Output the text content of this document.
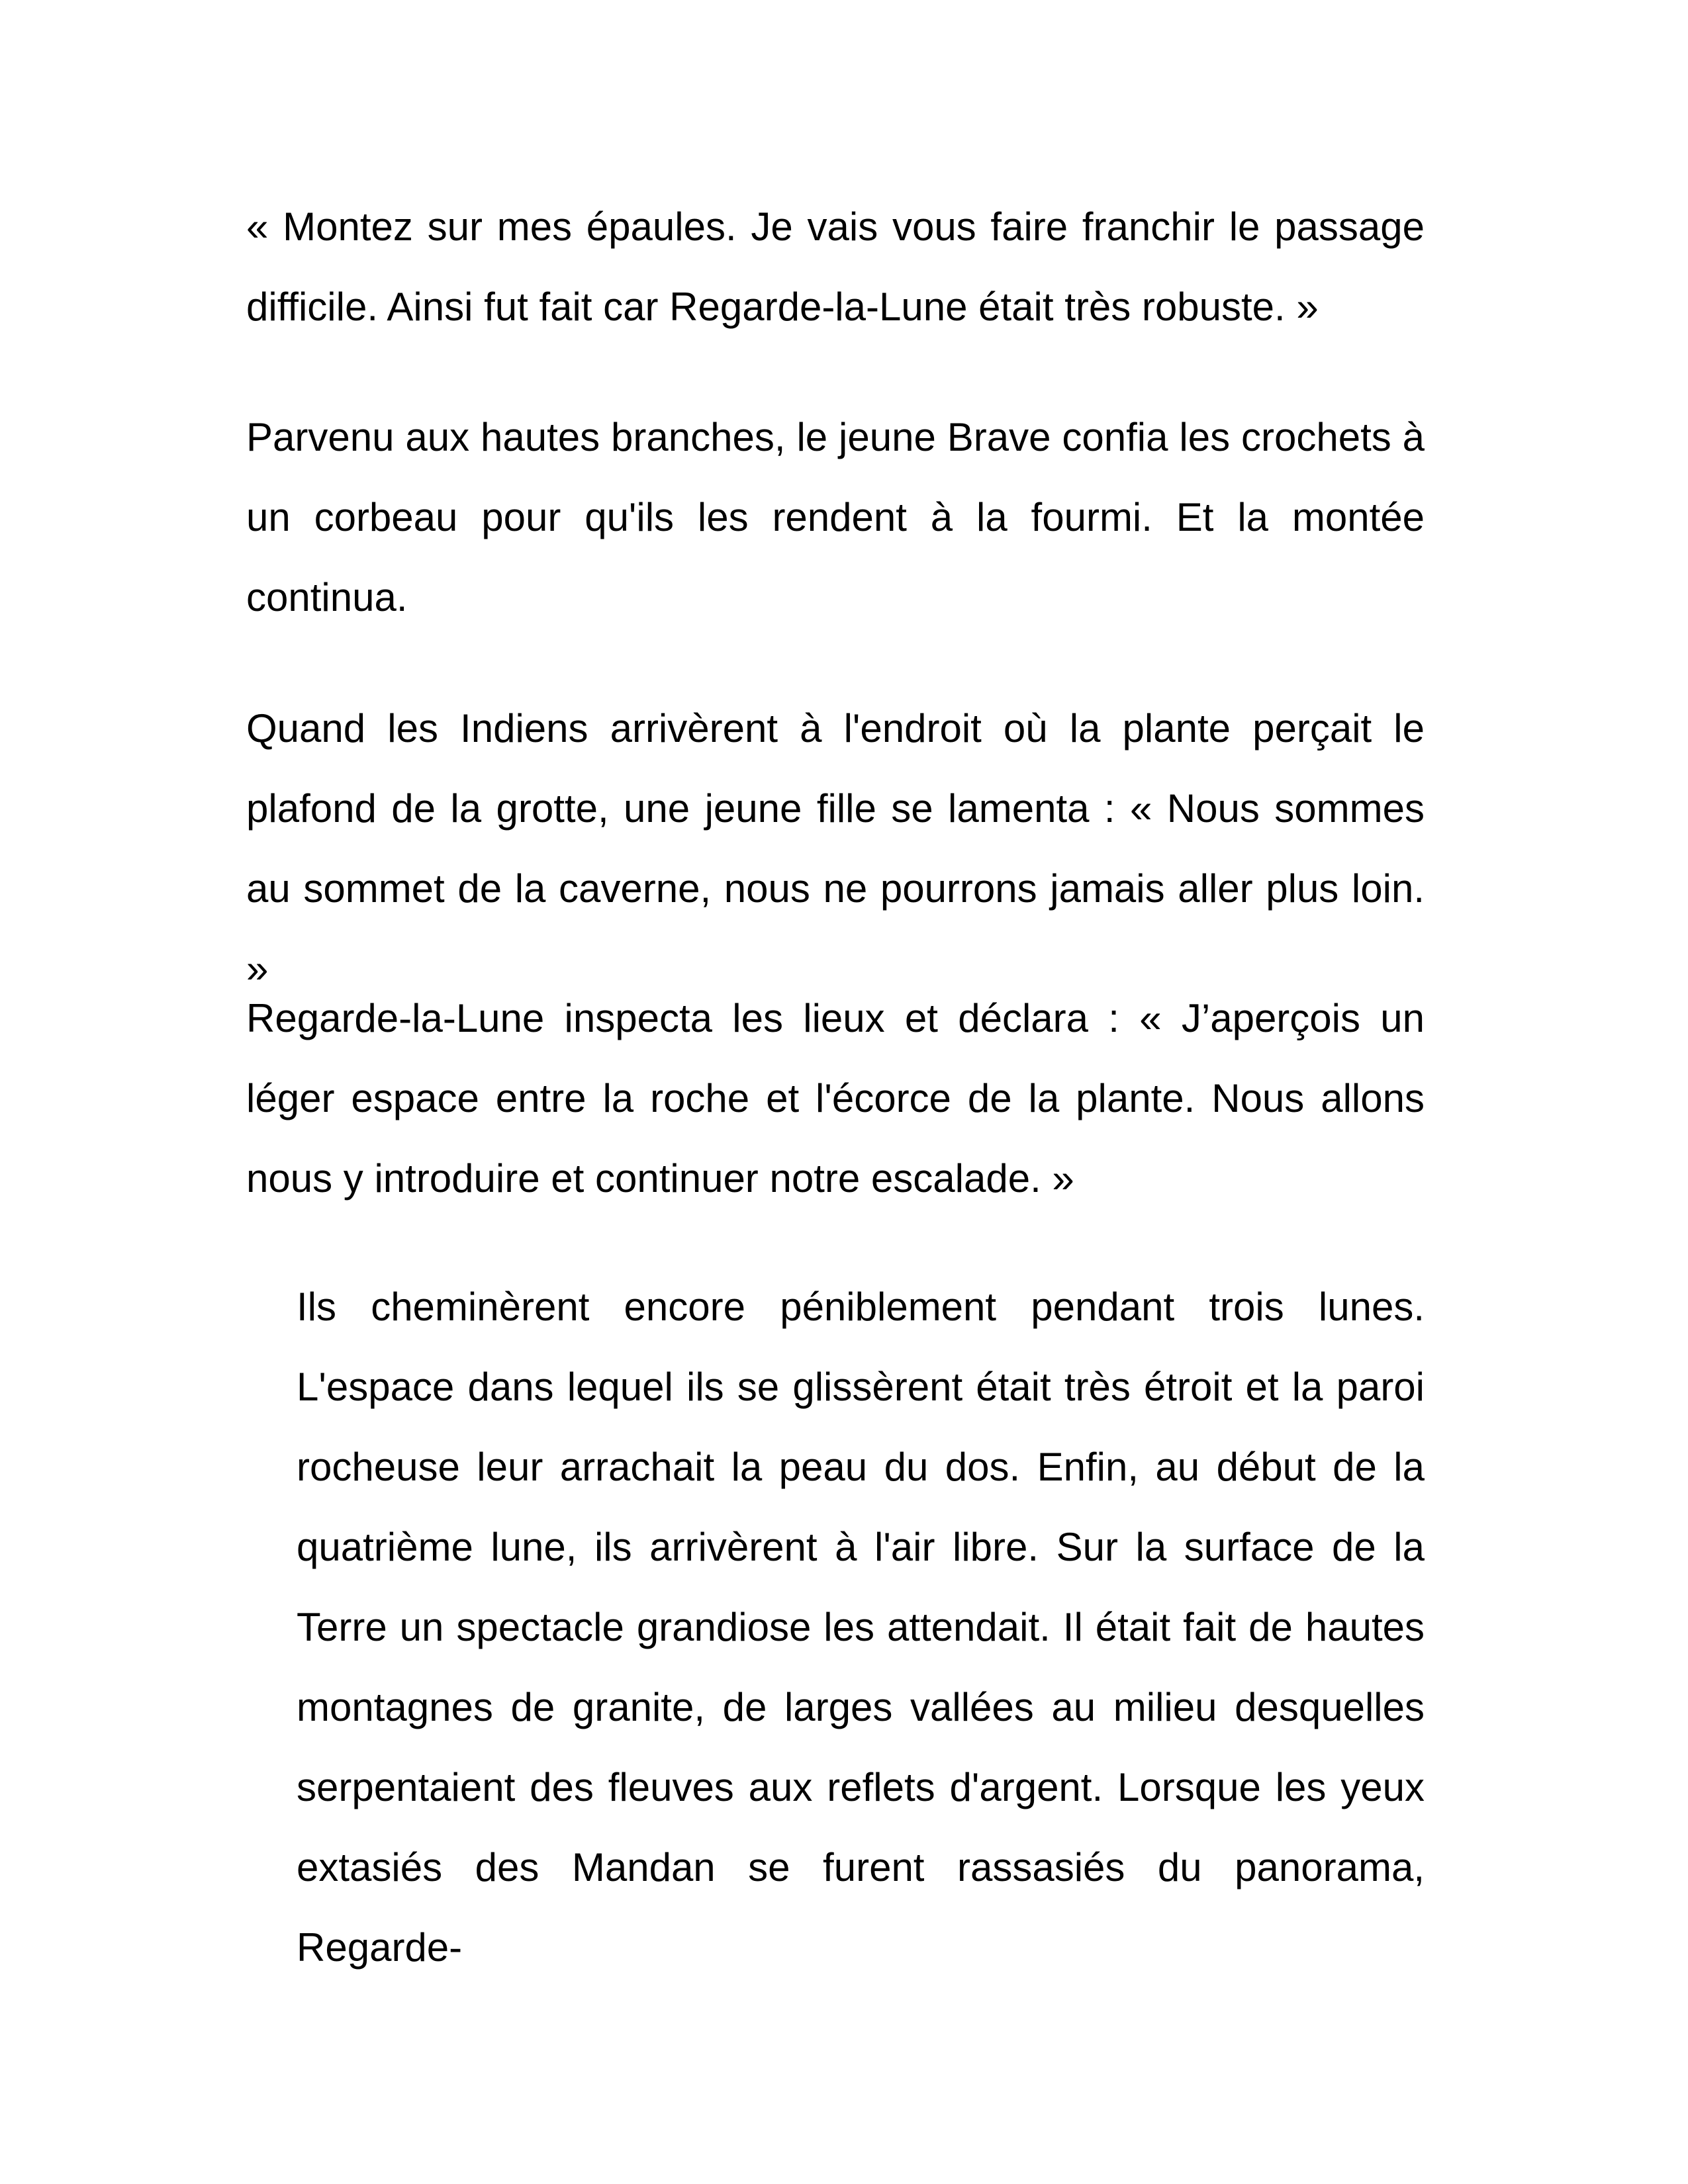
« Montez sur mes épaules. Je vais vous faire franchir le passage difficile. Ainsi fut fait car Regarde-la-Lune était très robuste. »

Parvenu aux hautes branches, le jeune Brave confia les crochets à un corbeau pour qu'ils les rendent à la fourmi. Et la montée continua.

Quand les Indiens arrivèrent à l'endroit où la plante perçait le plafond de la grotte, une jeune fille se lamenta : « Nous sommes au sommet de la caverne, nous ne pourrons jamais aller plus loin. »

Regarde-la-Lune inspecta les lieux et déclara : « J’aperçois un léger espace entre la roche et l'écorce de la plante. Nous allons nous y introduire et continuer notre escalade. »

Ils cheminèrent encore péniblement pendant trois lunes. L'espace dans lequel ils se glissèrent était très étroit et la paroi rocheuse leur arrachait la peau du dos. Enfin, au début de la quatrième lune, ils arrivèrent à l'air libre. Sur la surface de la Terre un spectacle grandiose les attendait. Il était fait de hautes montagnes de granite, de larges vallées au milieu desquelles serpentaient des fleuves aux reflets d'argent. Lorsque les yeux extasiés des Mandan se furent rassasiés du panorama, Regarde-
